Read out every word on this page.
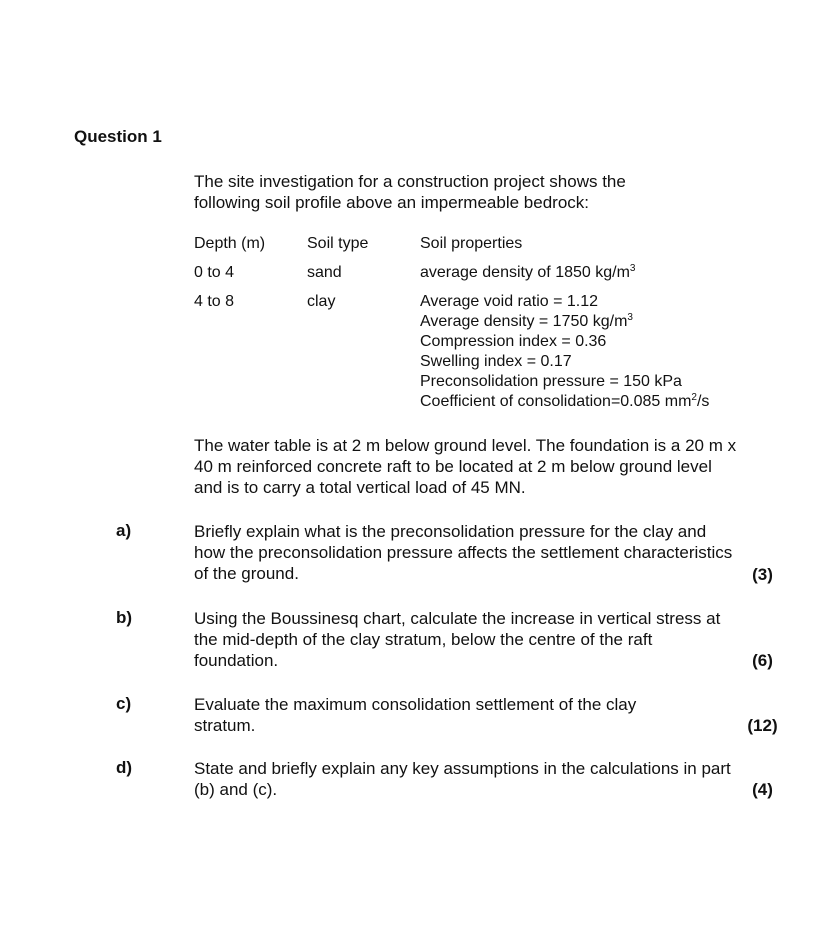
Question 1
The site investigation for a construction project shows the following soil profile above an impermeable bedrock:
Depth (m)	Soil type	Soil properties
0 to 4	sand	average density of 1850 $kg/m^3$
4 to 8	clay	Average void ratio = 1.12
Average density = 1750 $kg/m^3$
Compression index = 0.36
Swelling index = 0.17
Preconsolidation pressure = 150 kPa
Coefficient of consolidation=0.085 $mm^2/s$
The water table is at 2 m below ground level. The foundation is a 20 m x 40 m reinforced concrete raft to be located at 2 m below ground level and is to carry a total vertical load of 45 MN.
a)	Briefly explain what is the preconsolidation pressure for the clay and how the preconsolidation pressure affects the settlement characteristics of the ground.	(3)
b)	Using the Boussinesq chart, calculate the increase in vertical stress at the mid-depth of the clay stratum, below the centre of the raft foundation.	(6)
c)	Evaluate the maximum consolidation settlement of the clay stratum.	(12)
d)	State and briefly explain any key assumptions in the calculations in part (b) and (c).	(4)
